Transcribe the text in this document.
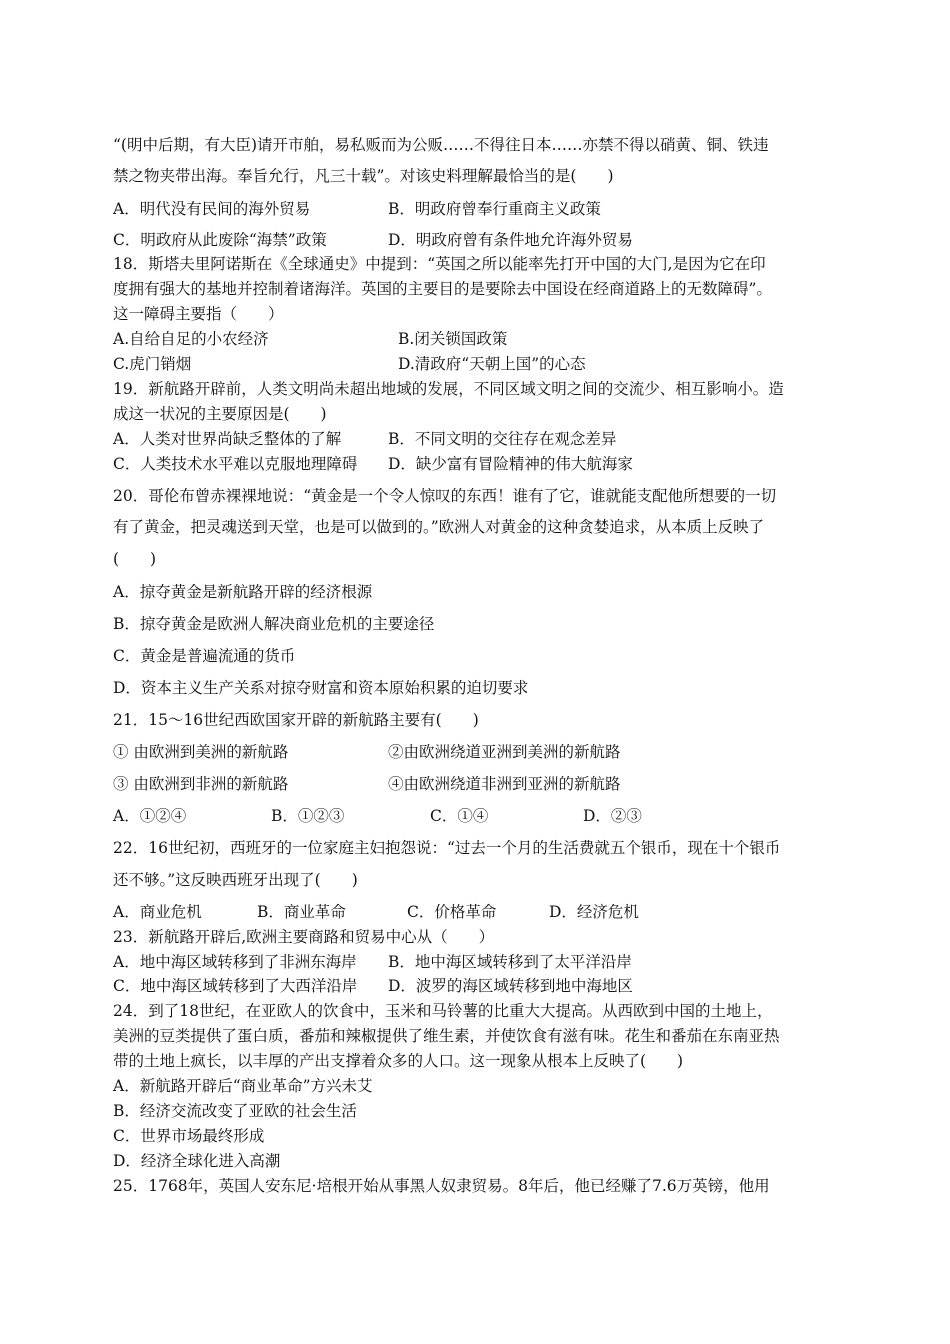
“(明中后期，有大臣)请开市舶，易私贩而为公贩……不得往日本……亦禁不得以硝黄、铜、铁违
禁之物夹带出海。奉旨允行，凡三十载”。对该史料理解最恰当的是(　　)
A．明代没有民间的海外贸易	B．明政府曾奉行重商主义政策
C．明政府从此废除“海禁”政策	D．明政府曾有条件地允许海外贸易
18．斯塔夫里阿诺斯在《全球通史》中提到：“英国之所以能率先打开中国的大门,是因为它在印
度拥有强大的基地并控制着诸海洋。英国的主要目的是要除去中国设在经商道路上的无数障碍”。
这一障碍主要指（　　）
A.自给自足的小农经济	B.闭关锁国政策
C.虎门销烟	D.清政府“天朝上国”的心态
19．新航路开辟前，人类文明尚未超出地域的发展，不同区域文明之间的交流少、相互影响小。造
成这一状况的主要原因是(　　)
A．人类对世界尚缺乏整体的了解	B．不同文明的交往存在观念差异
C．人类技术水平难以克服地理障碍 D．缺少富有冒险精神的伟大航海家
20．哥伦布曾赤裸裸地说：“黄金是一个令人惊叹的东西！谁有了它，谁就能支配他所想要的一切
有了黄金，把灵魂送到天堂，也是可以做到的。”欧洲人对黄金的这种贪婪追求，从本质上反映了
(　　)
A．掠夺黄金是新航路开辟的经济根源
B．掠夺黄金是欧洲人解决商业危机的主要途径
C．黄金是普遍流通的货币
D．资本主义生产关系对掠夺财富和资本原始积累的迫切要求
21．15～16世纪西欧国家开辟的新航路主要有(　　)
① 由欧洲到美洲的新航路	②由欧洲绕道亚洲到美洲的新航路
③ 由欧洲到非洲的新航路	④由欧洲绕道非洲到亚洲的新航路
A．①②④	B．①②③	C．①④	D．②③
22．16世纪初，西班牙的一位家庭主妇抱怨说：“过去一个月的生活费就五个银币，现在十个银币
还不够。”这反映西班牙出现了(　　)
A．商业危机	B．商业革命	C．价格革命	D．经济危机
23．新航路开辟后,欧洲主要商路和贸易中心从（　　）
A．地中海区域转移到了非洲东海岸 B．地中海区域转移到了太平洋沿岸
C．地中海区域转移到了大西洋沿岸 D．波罗的海区域转移到地中海地区
24．到了18世纪，在亚欧人的饮食中，玉米和马铃薯的比重大大提高。从西欧到中国的土地上，
美洲的豆类提供了蛋白质，番茄和辣椒提供了维生素，并使饮食有滋有味。花生和番茄在东南亚热
带的土地上疯长，以丰厚的产出支撑着众多的人口。这一现象从根本上反映了(　　)
A．新航路开辟后“商业革命”方兴未艾
B．经济交流改变了亚欧的社会生活
C．世界市场最终形成
D．经济全球化进入高潮
25．1768年，英国人安东尼·培根开始从事黑人奴隶贸易。8年后，他已经赚了7.6万英镑，他用
